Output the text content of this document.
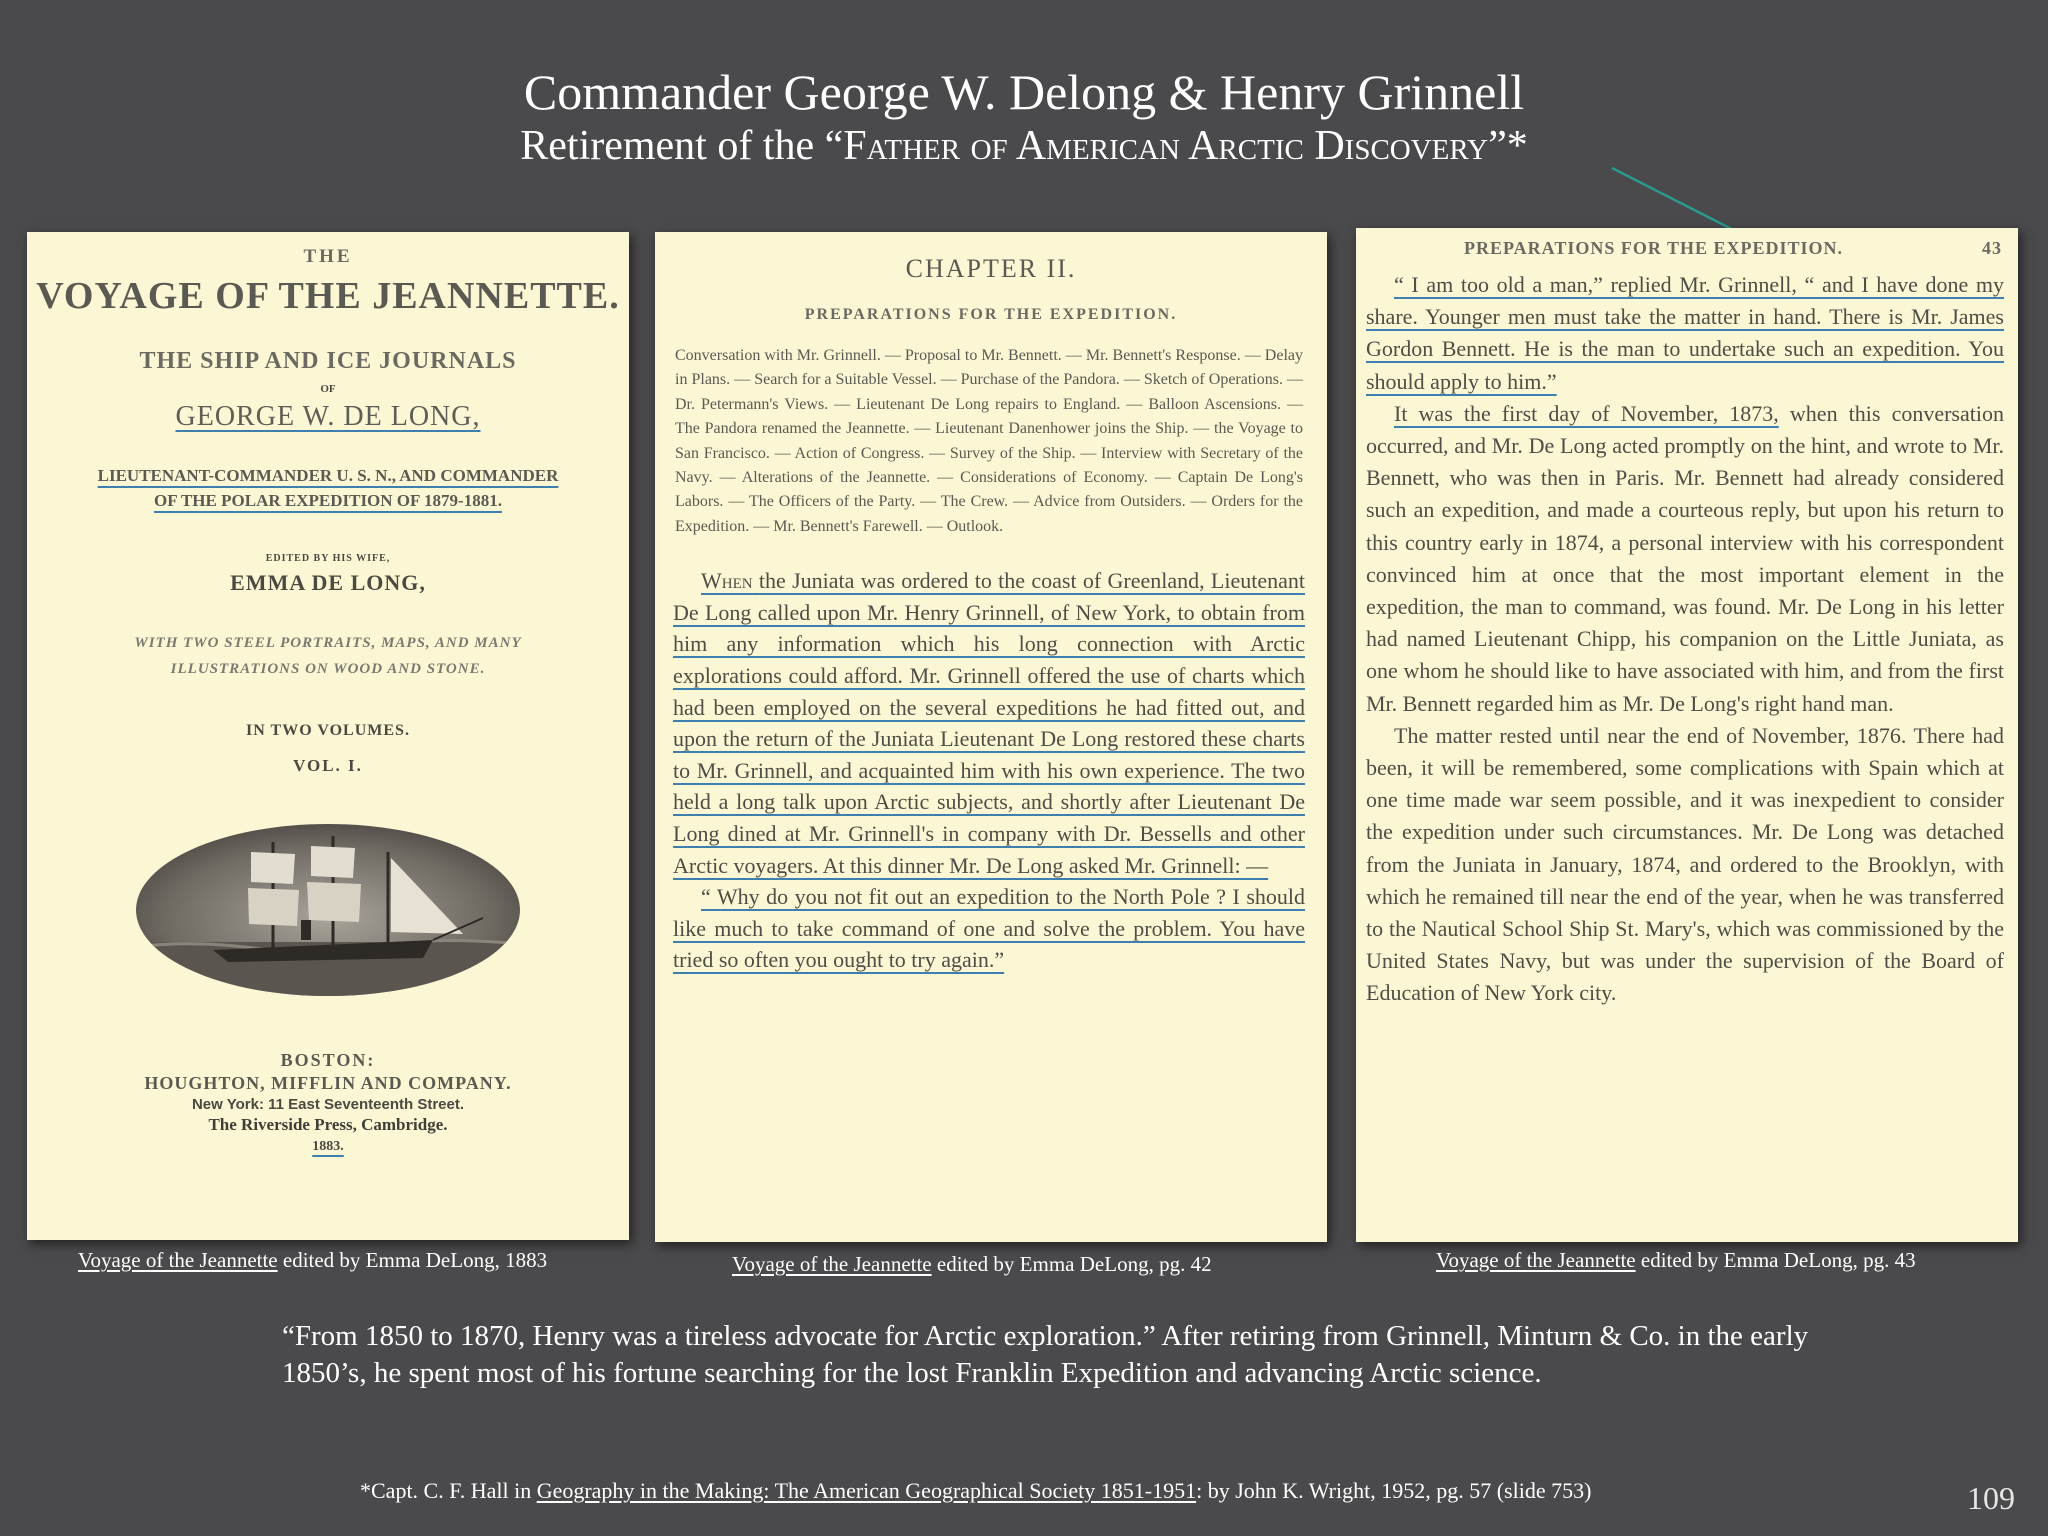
Commander George W. Delong & Henry Grinnell
Retirement of the “Father of American Arctic Discovery”*
THE
VOYAGE OF THE JEANNETTE.
THE SHIP AND ICE JOURNALS
OF
GEORGE W. DE LONG,
LIEUTENANT-COMMANDER U. S. N., AND COMMANDER
OF THE POLAR EXPEDITION OF 1879-1881.
EDITED BY HIS WIFE,
EMMA DE LONG,
WITH TWO STEEL PORTRAITS, MAPS, AND MANY
ILLUSTRATIONS ON WOOD AND STONE.
IN TWO VOLUMES.
VOL. I.
BOSTON:
HOUGHTON, MIFFLIN AND COMPANY.
New York: 11 East Seventeenth Street.
The Riverside Press, Cambridge.
1883.
CHAPTER II.
PREPARATIONS FOR THE EXPEDITION.
Conversation with Mr. Grinnell. — Proposal to Mr. Bennett. — Mr. Bennett's Response. — Delay in Plans. — Search for a Suitable Vessel. — Purchase of the Pandora. — Sketch of Operations. — Dr. Petermann's Views. — Lieutenant De Long repairs to England. — Balloon Ascensions. — The Pandora renamed the Jeannette. — Lieutenant Danenhower joins the Ship. — the Voyage to San Francisco. — Action of Congress. — Survey of the Ship. — Interview with Secretary of the Navy. — Alterations of the Jeannette. — Considerations of Economy. — Captain De Long's Labors. — The Officers of the Party. — The Crew. — Advice from Outsiders. — Orders for the Expedition. — Mr. Bennett's Farewell. — Outlook.

When the Juniata was ordered to the coast of Greenland, Lieutenant De Long called upon Mr. Henry Grinnell, of New York, to obtain from him any information which his long connection with Arctic explorations could afford. Mr. Grinnell offered the use of charts which had been employed on the several expeditions he had fitted out, and upon the return of the Juniata Lieutenant De Long restored these charts to Mr. Grinnell, and acquainted him with his own experience. The two held a long talk upon Arctic subjects, and shortly after Lieutenant De Long dined at Mr. Grinnell's in company with Dr. Bessells and other Arctic voyagers. At this dinner Mr. De Long asked Mr. Grinnell: —

“ Why do you not fit out an expedition to the North Pole ? I should like much to take command of one and solve the problem. You have tried so often you ought to try again.”

PREPARATIONS FOR THE EXPEDITION.	43

“ I am too old a man,” replied Mr. Grinnell, “ and I have done my share. Younger men must take the matter in hand. There is Mr. James Gordon Bennett. He is the man to undertake such an expedition. You should apply to him.”

It was the first day of November, 1873, when this conversation occurred, and Mr. De Long acted promptly on the hint, and wrote to Mr. Bennett, who was then in Paris. Mr. Bennett had already considered such an expedition, and made a courteous reply, but upon his return to this country early in 1874, a personal interview with his correspondent convinced him at once that the most important element in the expedition, the man to command, was found. Mr. De Long in his letter had named Lieutenant Chipp, his companion on the Little Juniata, as one whom he should like to have associated with him, and from the first Mr. Bennett regarded him as Mr. De Long's right hand man.

The matter rested until near the end of November, 1876. There had been, it will be remembered, some complications with Spain which at one time made war seem possible, and it was inexpedient to consider the expedition under such circumstances. Mr. De Long was detached from the Juniata in January, 1874, and ordered to the Brooklyn, with which he remained till near the end of the year, when he was transferred to the Nautical School Ship St. Mary's, which was commissioned by the United States Navy, but was under the supervision of the Board of Education of New York city.

Voyage of the Jeannette edited by Emma DeLong, 1883	Voyage of the Jeannette edited by Emma DeLong, pg. 42	Voyage of the Jeannette edited by Emma DeLong, pg. 43
“From 1850 to 1870, Henry was a tireless advocate for Arctic exploration.” After retiring from Grinnell, Minturn & Co. in the early 1850’s, he spent most of his fortune searching for the lost Franklin Expedition and advancing Arctic science.
*Capt. C. F. Hall in Geography in the Making: The American Geographical Society 1851-1951: by John K. Wright, 1952, pg. 57 (slide 753)	109
